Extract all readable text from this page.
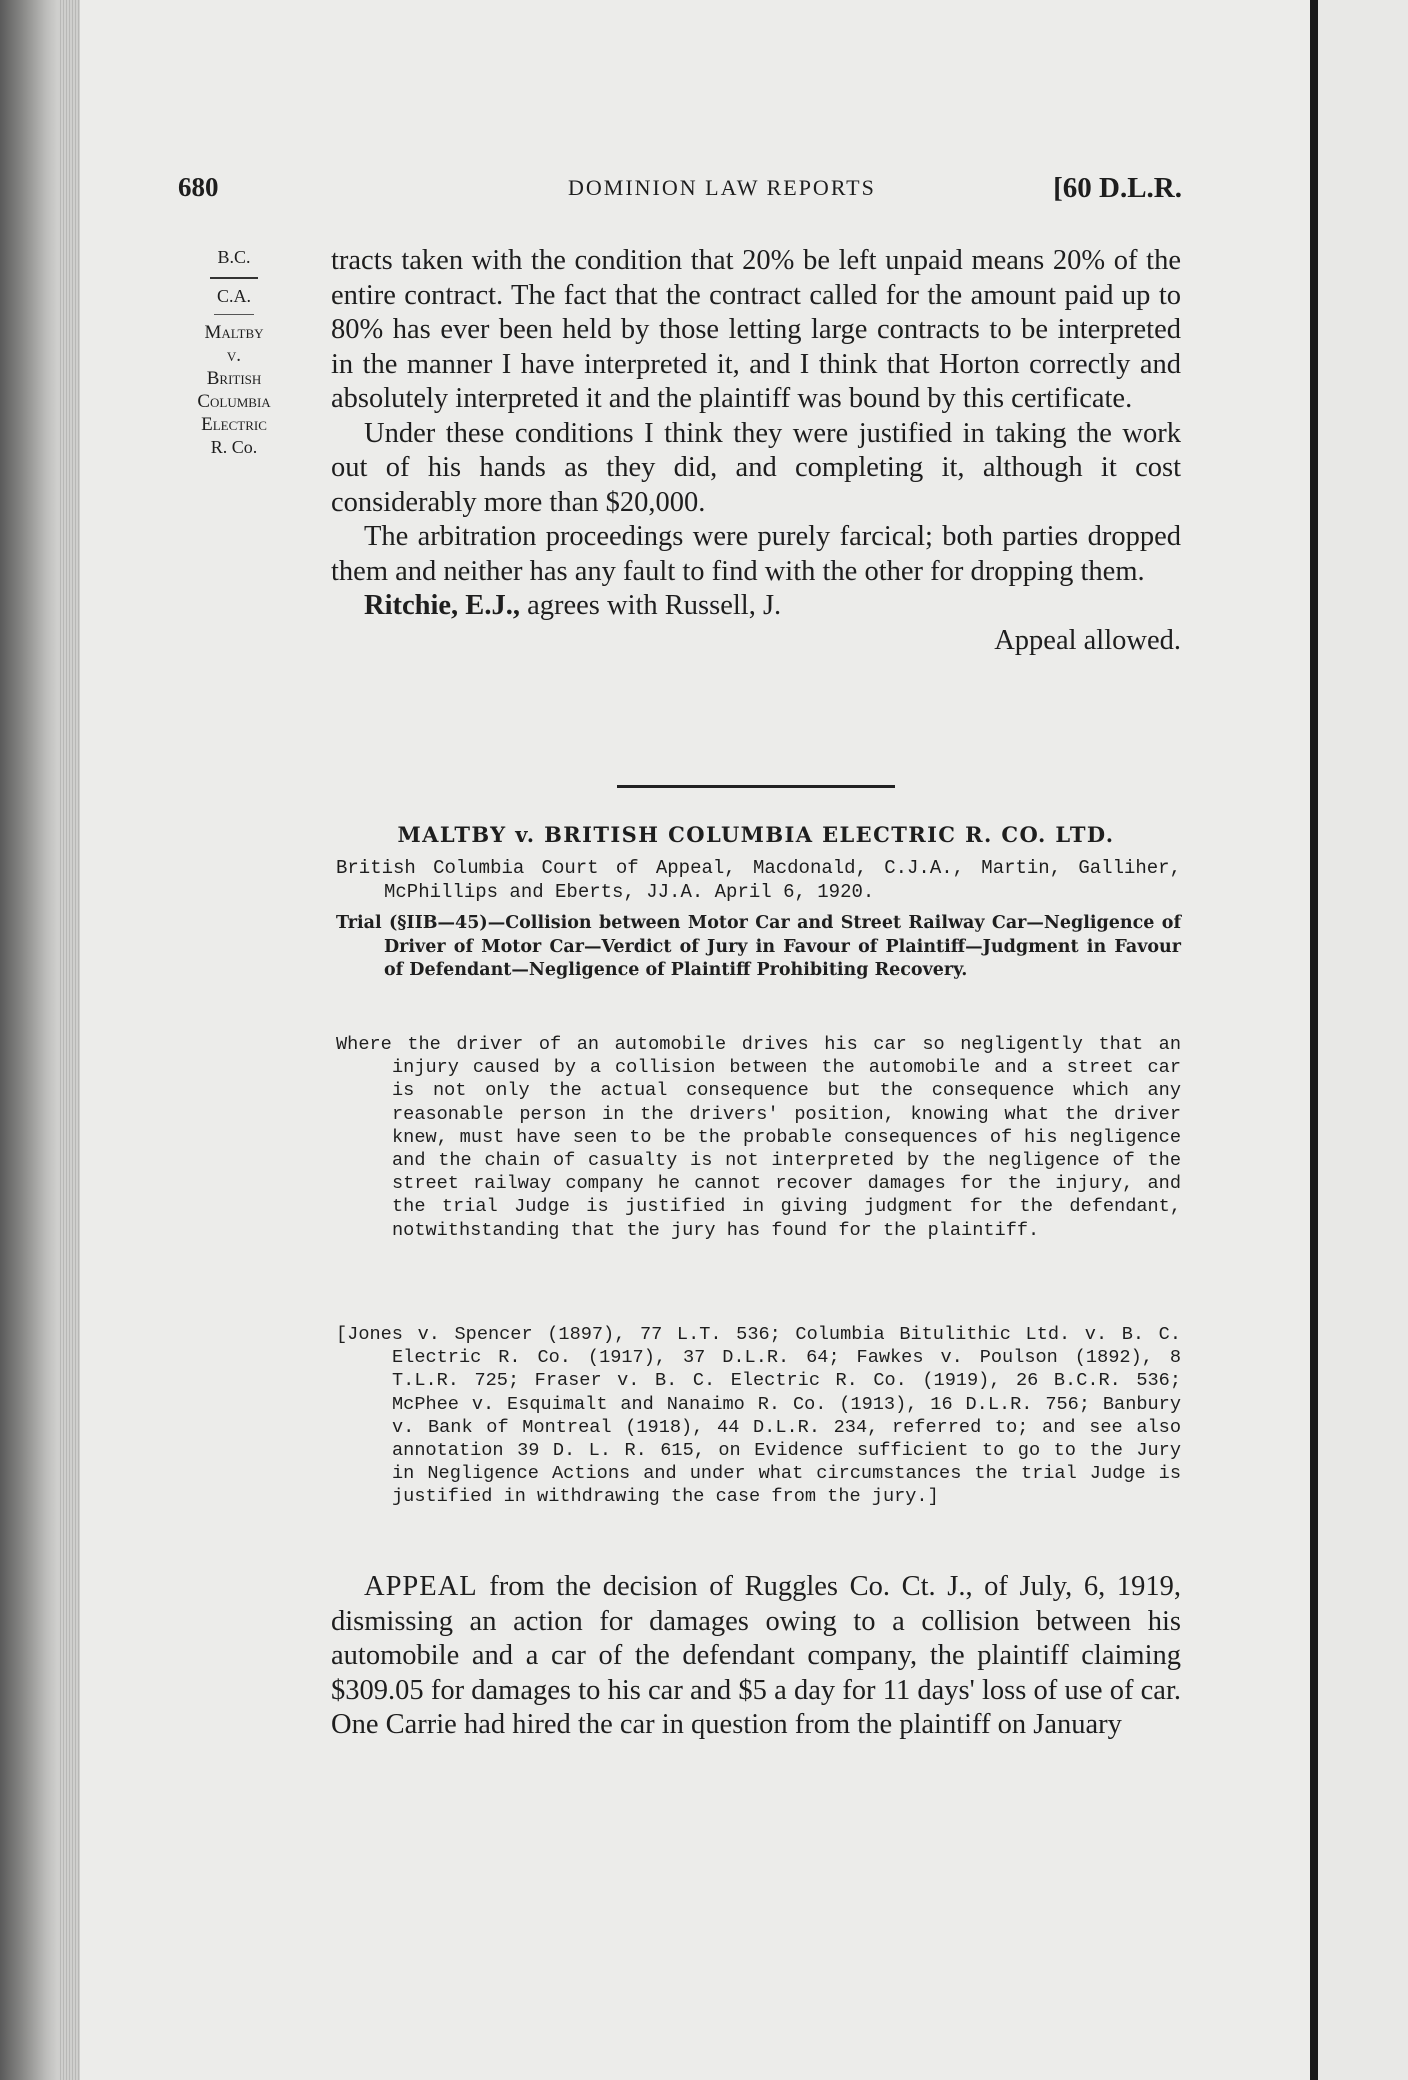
680	DOMINION LAW REPORTS	[60 D.L.R.
B.C.
C.A.
Maltby
v.
British
Columbia
Electric
R. Co.

tracts taken with the condition that 20% be left unpaid means 20% of the entire contract. The fact that the contract called for the amount paid up to 80% has ever been held by those letting large contracts to be interpreted in the manner I have interpreted it, and I think that Horton correctly and absolutely interpreted it and the plaintiff was bound by this certificate.

Under these conditions I think they were justified in taking the work out of his hands as they did, and completing it, although it cost considerably more than $20,000.

The arbitration proceedings were purely farcical; both parties dropped them and neither has any fault to find with the other for dropping them.

Ritchie, E.J., agrees with Russell, J.

Appeal allowed.

MALTBY v. BRITISH COLUMBIA ELECTRIC R. CO. LTD.

British Columbia Court of Appeal, Macdonald, C.J.A., Martin, Galliher, McPhillips and Eberts, JJ.A. April 6, 1920.

Trial (§IIB—45)—Collision between Motor Car and Street Railway Car—Negligence of Driver of Motor Car—Verdict of Jury in Favour of Plaintiff—Judgment in Favour of Defendant—Negligence of Plaintiff Prohibiting Recovery.

Where the driver of an automobile drives his car so negligently that an injury caused by a collision between the automobile and a street car is not only the actual consequence but the consequence which any reasonable person in the drivers' position, knowing what the driver knew, must have seen to be the probable consequences of his negligence and the chain of casualty is not interpreted by the negligence of the street railway company he cannot recover damages for the injury, and the trial Judge is justified in giving judgment for the defendant, notwithstanding that the jury has found for the plaintiff.

[Jones v. Spencer (1897), 77 L.T. 536; Columbia Bitulithic Ltd. v. B. C. Electric R. Co. (1917), 37 D.L.R. 64; Fawkes v. Poulson (1892), 8 T.L.R. 725; Fraser v. B. C. Electric R. Co. (1919), 26 B.C.R. 536; McPhee v. Esquimalt and Nanaimo R. Co. (1913), 16 D.L.R. 756; Banbury v. Bank of Montreal (1918), 44 D.L.R. 234, referred to; and see also annotation 39 D. L. R. 615, on Evidence sufficient to go to the Jury in Negligence Actions and under what circumstances the trial Judge is justified in withdrawing the case from the jury.]

APPEAL from the decision of Ruggles Co. Ct. J., of July, 6, 1919, dismissing an action for damages owing to a collision between his automobile and a car of the defendant company, the plaintiff claiming $309.05 for damages to his car and $5 a day for 11 days' loss of use of car. One Carrie had hired the car in question from the plaintiff on January
